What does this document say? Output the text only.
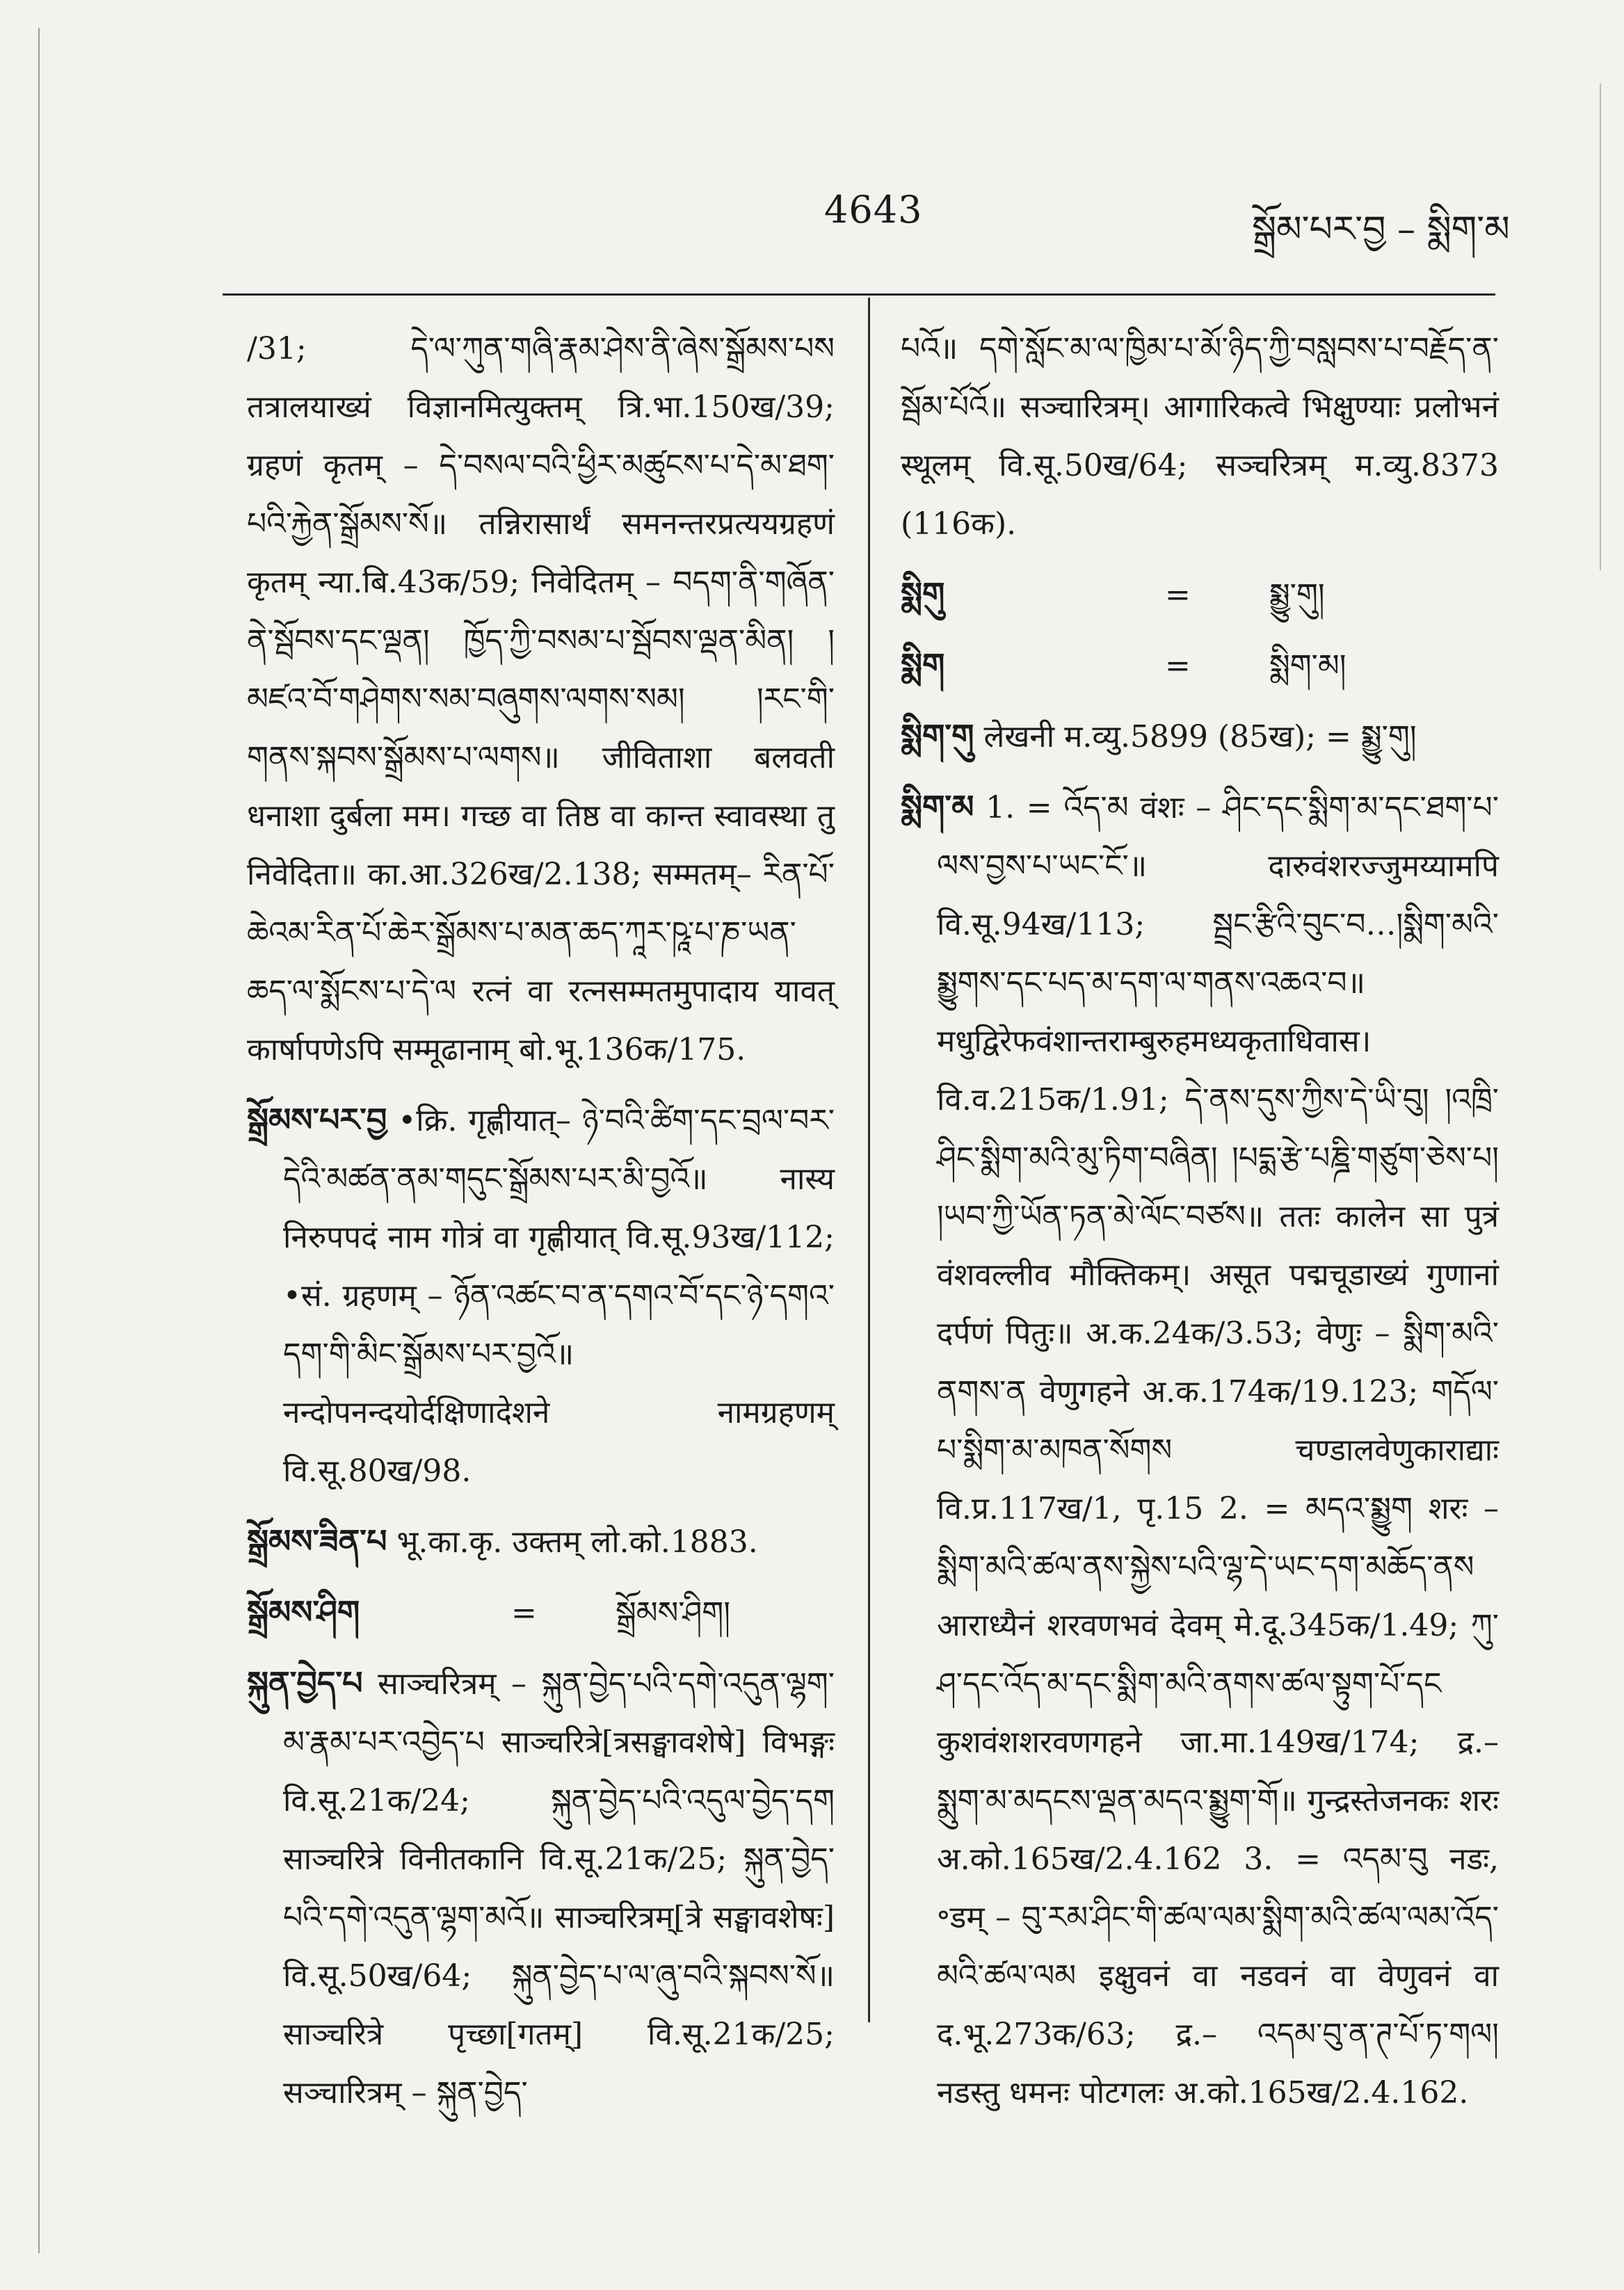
4643	སྒྲོམ་པར་བྱ – སྨིག་མ
/31; དེ་ལ་ཀུན་གཞི་རྣམ་ཤེས་ནི་ཞེས་སྒྲོམས་པས तत्रालयाख्यं विज्ञानमित्युक्तम् त्रि.भा.150ख/39; ग्रहणं कृतम् – དེ་བསལ་བའི་ཕྱིར་མཚུངས་པ་དེ་མ་ཐག་པའི་རྐྱེན་སྒྲོམས་སོ॥ तन्निरासार्थं समनन्तरप्रत्ययग्रहणं कृतम् न्या.बि.43क/59; निवेदितम् – བདག་ནི་གཞོན་ནེ་སྦོབས་དང་ལྡན། ཁྱོད་ཀྱི་བསམ་པ་སྦོབས་ལྡན་མིན། །མཛའ་བོ་གཤེགས་སམ་བཞུགས་ལགས་སམ། །རང་གི་གནས་སྐབས་སྒྲོམས་པ་ལགས॥ जीविताशा बलवती धनाशा दुर्बला मम। गच्छ वा तिष्ठ वा कान्त स्वावस्था तु निवेदिता॥ का.आ.326ख/2.138; सम्मतम्– རིན་པོ་ཆེའམ་རིན་པོ་ཆེར་སྒྲོམས་པ་མན་ཆད་ཀཱར་ཥཱ་པ་ཎ་ཡན་ཆད་ལ་སྨོངས་པ་དེ་ལ रत्नं वा रत्नसम्मतमुपादाय यावत् कार्षापणेऽपि सम्मूढानाम् बो.भू.136क/175.
སྒྲོམས་པར་བྱ •क्रि. गृह्णीयात्– ཉེ་བའི་ཚིག་དང་བྲལ་བར་དེའི་མཚན་ནམ་གདུང་སྒྲོམས་པར་མི་བྱའོ॥ नास्य निरुपपदं नाम गोत्रं वा गृह्णीयात् वि.सू.93ख/112; •सं. ग्रहणम् – ཉོན་འཚང་བ་ན་དགའ་བོ་དང་ཉེ་དགའ་དག་གི་མིང་སྒྲོམས་པར་བྱའོ॥ नन्दोपनन्दयोर्दक्षिणादेशने नामग्रहणम् वि.सू.80ख/98.
སྒྲོམས་ཟིན་པ भू.का.कृ. उक्तम् लो.को.1883.
སྒྲོམས་ཤིག	=	སྒྲོམས་ཤིག།
སྐུན་བྱེད་པ साञ्चरित्रम् – སྐུན་བྱེད་པའི་དགེ་འདུན་ལྷག་མ་རྣམ་པར་འབྱེད་པ साञ्चरित्रे[त्रसङ्घावशेषे] विभङ्गः वि.सू.21क/24; སྐུན་བྱེད་པའི་འདུལ་བྱེད་དག साञ्चरित्रे विनीतकानि वि.सू.21क/25; སྐུན་བྱེད་པའི་དགེ་འདུན་ལྷག་མའོ॥ साञ्चरित्रम्[त्रे सङ्घावशेषः] वि.सू.50ख/64; སྐུན་བྱེད་པ་ལ་ཞུ་བའི་སྐབས་སོ॥ साञ्चरित्रे पृच्छा[गतम्] वि.सू.21क/25; सञ्चारित्रम् – སྐུན་བྱེད་
པའོ॥ དགེ་སློང་མ་ལ་ཁྱིམ་པ་མོ་ཉིད་ཀྱི་བསླབས་པ་བརྗོད་ན་སྦོམ་པོའོ॥ सञ्चारित्रम्। आगारिकत्वे भिक्षुण्याः प्रलोभनं स्थूलम् वि.सू.50ख/64; सञ्चरित्रम् म.व्यु.8373 (116क).
སྨིགུ	=	སྨྱུ་གུ།
སྨིག	=	སྨིག་མ།
སྨིག་གུ लेखनी म.व्यु.5899 (85ख); = སྨྱུ་གུ།
སྨིག་མ 1. = འོད་མ वंशः – ཤིང་དང་སྨིག་མ་དང་ཐག་པ་ལས་བྱས་པ་ཡང་ངོ་॥ दारुवंशरज्जुमय्यामपि वि.सू.94ख/113; སྦྲང་རྩིའི་བུང་བ…།སྨིག་མའི་སྨྱུགས་དང་པད་མ་དག་ལ་གནས་འཆའ་བ॥ मधुद्विरेफवंशान्तराम्बुरुहमध्यकृताधिवास। वि.व.215क/1.91; དེ་ནས་དུས་ཀྱིས་དེ་ཡི་བུ། །འཁྲི་ཤིང་སྨིག་མའི་མུ་ཏིག་བཞིན། །པདྨ་རྩེ་པཎྜི་གཙུག་ཅེས་པ། །ཡབ་ཀྱི་ཡོན་ཏན་མེ་ལོང་བཙས॥ ततः कालेन सा पुत्रं वंशवल्लीव मौक्तिकम्। असूत पद्मचूडाख्यं गुणानां दर्पणं पितुः॥ अ.क.24क/3.53; वेणुः – སྨིག་མའི་ནགས་ན वेणुगहने अ.क.174क/19.123; གདོལ་པ་སྨིག་མ་མཁན་སོགས चण्डालवेणुकाराद्याः वि.प्र.117ख/1, पृ.15 2. = མདའ་སྨྱུག शरः – སྨིག་མའི་ཚལ་ནས་སྐྱེས་པའི་ལྷ་དེ་ཡང་དག་མཆོད་ནས आराध्यैनं शरवणभवं देवम् मे.दू.345क/1.49; ཀུ་ཤ་དང་འོད་མ་དང་སྨིག་མའི་ནགས་ཚལ་སྟུག་པོ་དང कुशवंशशरवणगहने जा.मा.149ख/174; द्र.– སྨུག་མ་མདངས་ལྡན་མདའ་སྨྱུག་གོ॥ गुन्द्रस्तेजनकः शरः अ.को.165ख/2.4.162 3. = འདམ་བུ नडः, ॰डम् – བུ་རམ་ཤིང་གི་ཚལ་ལམ་སྨིག་མའི་ཚལ་ལམ་འོད་མའི་ཚལ་ལམ इक्षुवनं वा नडवनं वा वेणुवनं वा द.भू.273क/63; द्र.– འདམ་བུ་ན་ཊ་པོ་ཏ་གལ། नडस्तु धमनः पोटगलः अ.को.165ख/2.4.162.
